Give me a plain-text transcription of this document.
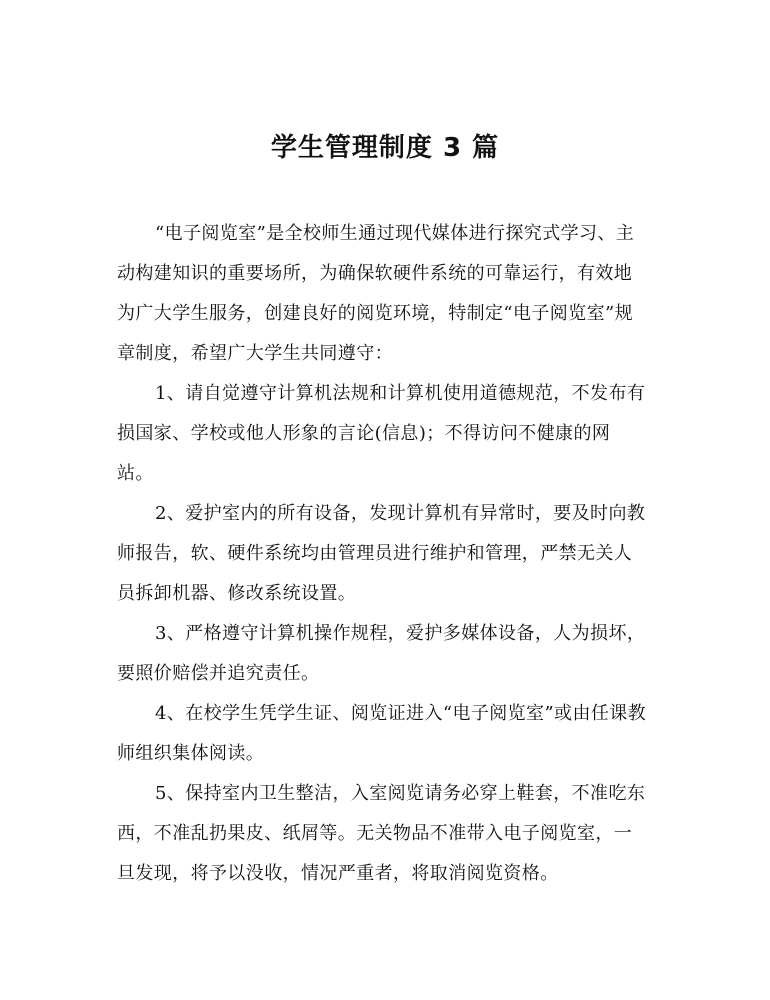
学生管理制度 3 篇

“电子阅览室”是全校师生通过现代媒体进行探究式学习、主动构建知识的重要场所，为确保软硬件系统的可靠运行，有效地为广大学生服务，创建良好的阅览环境，特制定“电子阅览室”规章制度，希望广大学生共同遵守：

1、请自觉遵守计算机法规和计算机使用道德规范，不发布有损国家、学校或他人形象的言论(信息)；不得访问不健康的网站。

2、爱护室内的所有设备，发现计算机有异常时，要及时向教师报告，软、硬件系统均由管理员进行维护和管理，严禁无关人员拆卸机器、修改系统设置。

3、严格遵守计算机操作规程，爱护多媒体设备，人为损坏，要照价赔偿并追究责任。

4、在校学生凭学生证、阅览证进入“电子阅览室”或由任课教师组织集体阅读。

5、保持室内卫生整洁，入室阅览请务必穿上鞋套，不准吃东西，不准乱扔果皮、纸屑等。无关物品不准带入电子阅览室，一旦发现，将予以没收，情况严重者，将取消阅览资格。
